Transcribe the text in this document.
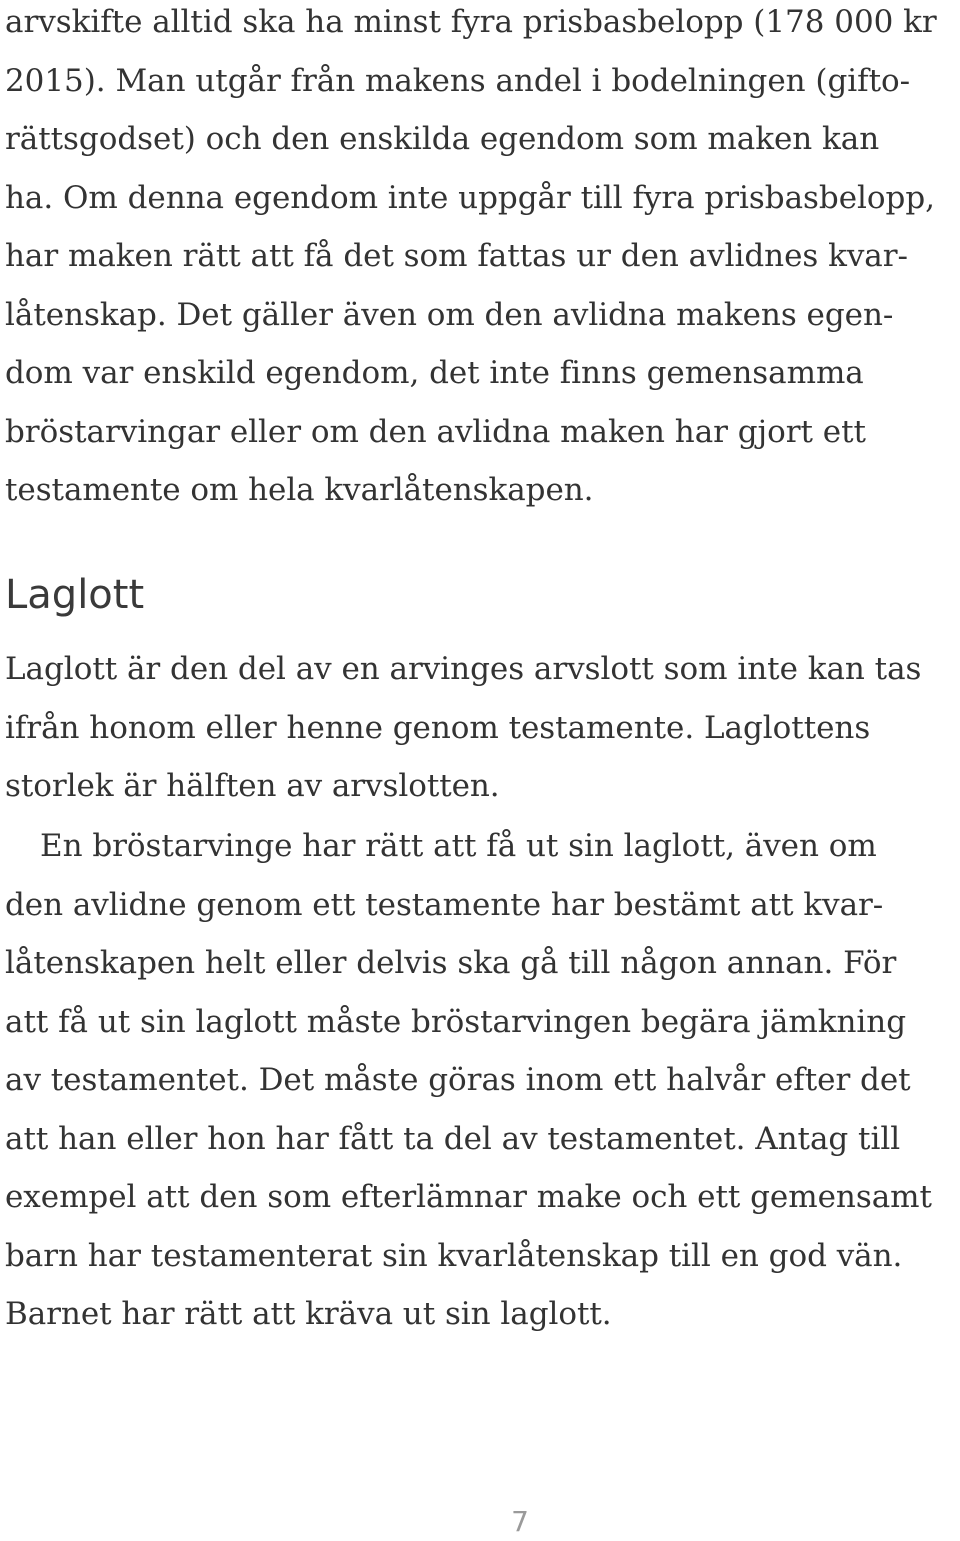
arvskifte alltid ska ha minst fyra prisbasbelopp (178 000 kr
2015). Man utgår från makens andel i bodelningen (gifto-
rättsgodset) och den enskilda egendom som maken kan
ha. Om denna egendom inte uppgår till fyra prisbasbelopp,
har maken rätt att få det som fattas ur den avlidnes kvar-
låtenskap. Det gäller även om den avlidna makens egen-
dom var enskild egendom, det inte finns gemensamma
bröstarvingar eller om den avlidna maken har gjort ett
testamente om hela kvarlåtenskapen.

Laglott

Laglott är den del av en arvinges arvslott som inte kan tas
ifrån honom eller henne genom testamente. Laglottens
storlek är hälften av arvslotten.

En bröstarvinge har rätt att få ut sin laglott, även om
den avlidne genom ett testamente har bestämt att kvar-
låtenskapen helt eller delvis ska gå till någon annan. För
att få ut sin laglott måste bröstarvingen begära jämkning
av testamentet. Det måste göras inom ett halvår efter det
att han eller hon har fått ta del av testamentet. Antag till
exempel att den som efterlämnar make och ett gemensamt
barn har testamenterat sin kvarlåtenskap till en god vän.
Barnet har rätt att kräva ut sin laglott.

7
